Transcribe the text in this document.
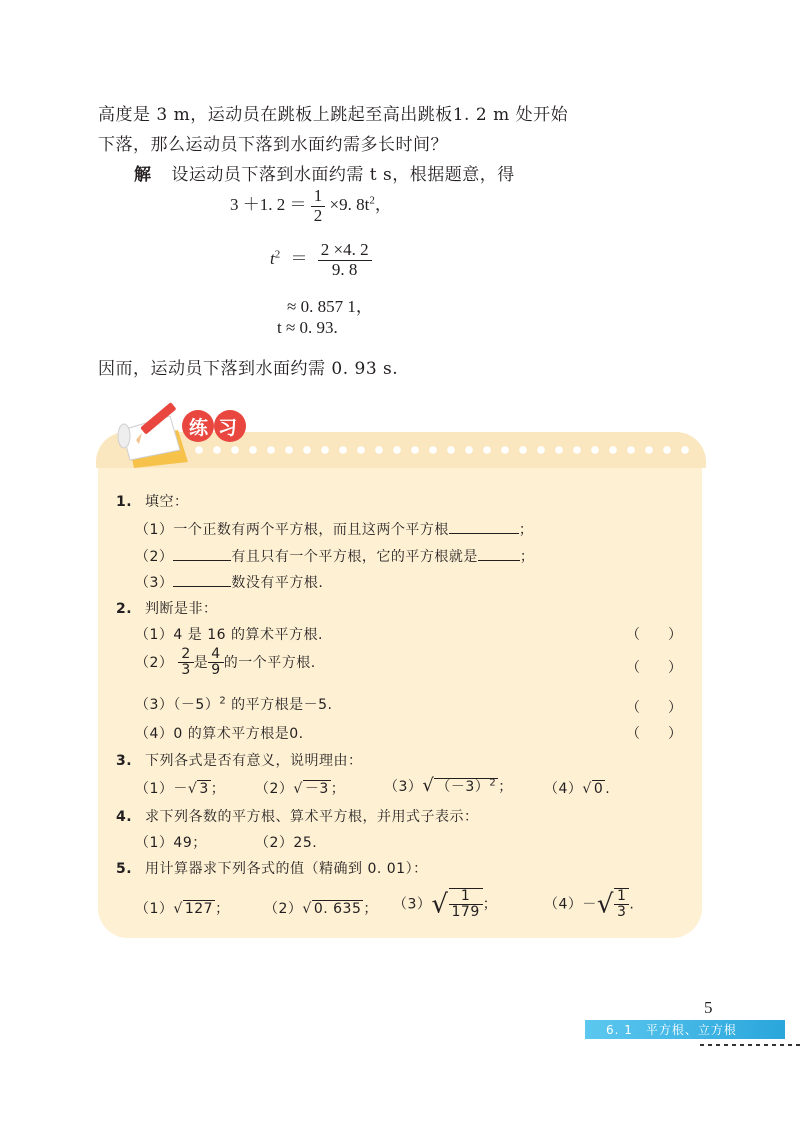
高度是 3 m，运动员在跳板上跳起至高出跳板1. 2 m 处开始
下落，那么运动员下落到水面约需多长时间？
解 设运动员下落到水面约需 t s，根据题意，得
3 ＋1. $2 = \frac{1}{2} \times 9$. $8t^2$，
$t^2 = \frac{2 \times 4. 2}{9. 8}$
≈ 0. 857 1，
t ≈ 0. 93.
因而，运动员下落到水面约需 0. 93 s.
练习
1. 填空：
（1）一个正数有两个平方根，而且这两个平方根	；
（2）	有且只有一个平方根，它的平方根就是	；
（3）	数没有平方根.
2. 判断是非：
（1）4 是 16 的算术平方根.	（　　）
$(2) \frac{2}{3}$ 是 $\frac{4}{9}$ 的一个平方根.	（　　）
$(3)(-5)^2$ 的平方根是－5.	（　　）
（4）0 的算术平方根是0.	（　　）
3. 下列各式是否有意义，说明理由：
（1）－√ 3 ； （2）√ －3 ；	（3）√ $(-3)^2$ ； （4）√ 0 .
4. 求下列各数的平方根、算术平方根，并用式子表示：
（1）49；	（2）25.
5. 用计算器求下列各式的值（精确到 0. 01）：
（1）√ 127 ； （2）√ 0. 635 ； $(3)√ \frac{1}{179}$ ；	$(4)-√ \frac{1}{3}$ .
5
6. 1　平方根、立方根
